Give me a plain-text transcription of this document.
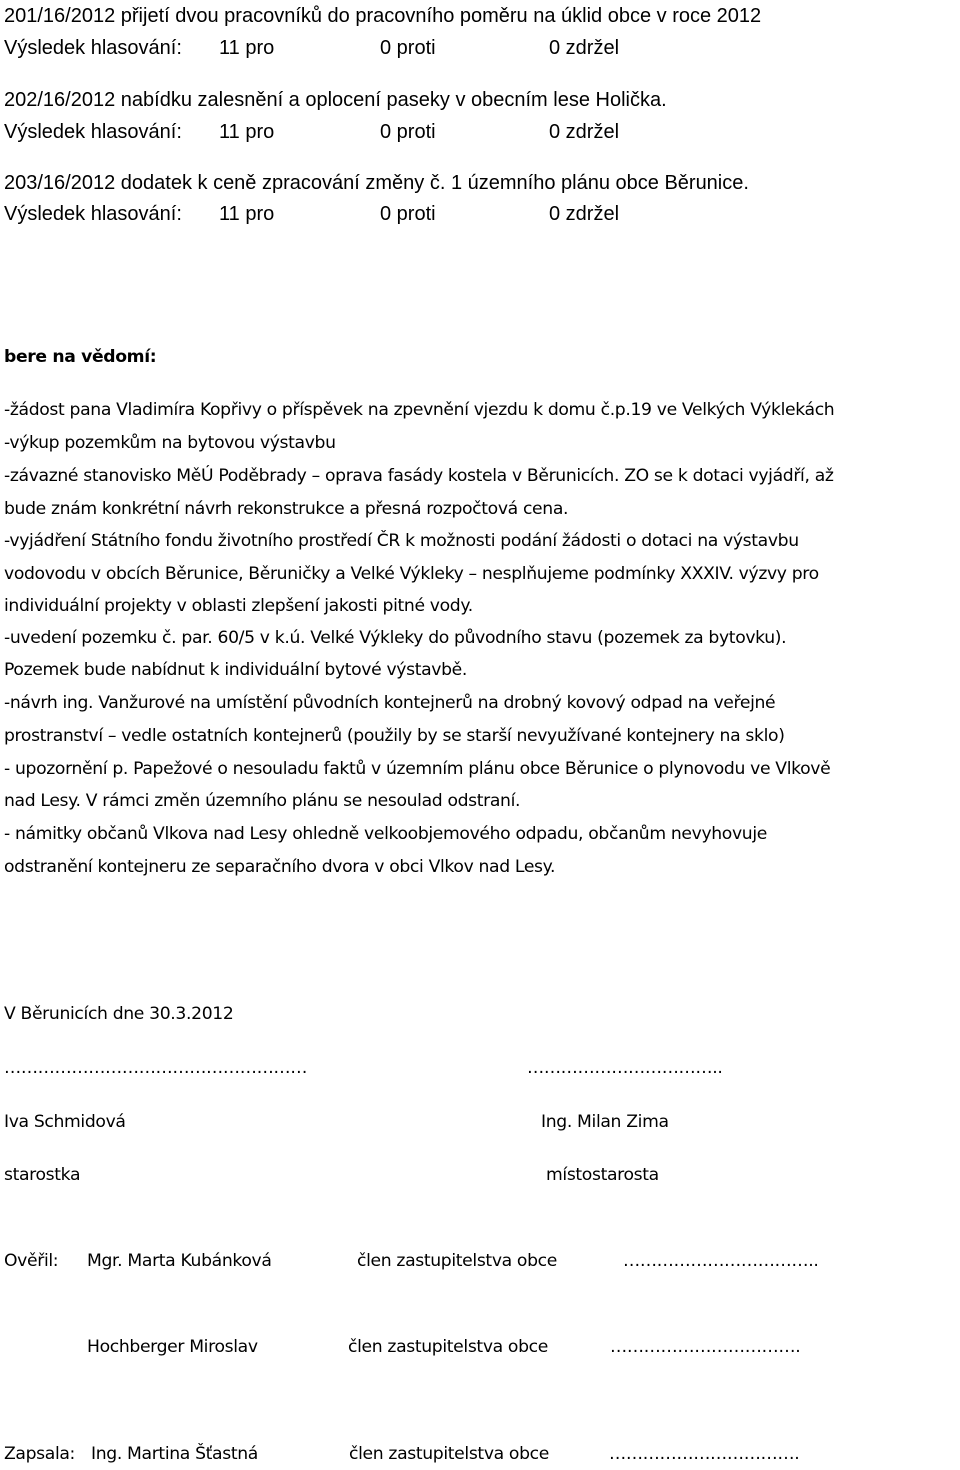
201/16/2012 přijetí dvou pracovníků do pracovního poměru na úklid obce v roce 2012
Výsledek hlasování: 11 pro	0 proti	0 zdržel
202/16/2012 nabídku zalesnění a oplocení paseky v obecním lese Holička.
Výsledek hlasování: 11 pro	0 proti	0 zdržel
203/16/2012 dodatek k ceně zpracování změny č. 1 územního plánu obce Běrunice.
Výsledek hlasování: 11 pro	0 proti	0 zdržel
bere na vědomí:
-žádost pana Vladimíra Kopřivy o příspěvek na zpevnění vjezdu k domu č.p.19 ve Velkých Výklekách
-výkup pozemkům na bytovou výstavbu
-závazné stanovisko MěÚ Poděbrady – oprava fasády kostela v Běrunicích. ZO se k dotaci vyjádří, až
bude znám konkrétní návrh rekonstrukce a přesná rozpočtová cena.
-vyjádření Státního fondu životního prostředí ČR k možnosti podání žádosti o dotaci na výstavbu
vodovodu v obcích Běrunice, Běruničky a Velké Výkleky – nesplňujeme podmínky XXXIV. výzvy pro
individuální projekty v oblasti zlepšení jakosti pitné vody.
-uvedení pozemku č. par. 60/5 v k.ú. Velké Výkleky do původního stavu (pozemek za bytovku).
Pozemek bude nabídnut k individuální bytové výstavbě.
-návrh ing. Vanžurové na umístění původních kontejnerů na drobný kovový odpad na veřejné
prostranství – vedle ostatních kontejnerů (použily by se starší nevyužívané kontejnery na sklo)
- upozornění p. Papežové o nesouladu faktů v územním plánu obce Běrunice o plynovodu ve Vlkově
nad Lesy. V rámci změn územního plánu se nesoulad odstraní.
- námitky občanů Vlkova nad Lesy ohledně velkoobjemového odpadu, občanům nevyhovuje
odstranění kontejneru ze separačního dvora v obci Vlkov nad Lesy.
V Běrunicích dne 30.3.2012
………………………………………………	……………………………..
Iva Schmidová	Ing. Milan Zima
starostka	místostarosta
Ověřil: Mgr. Marta Kubánková	člen zastupitelstva obce	……………………………..
Hochberger Miroslav	člen zastupitelstva obce	…………………………….
Zapsala: Ing. Martina Šťastná	člen zastupitelstva obce	…………………………….
